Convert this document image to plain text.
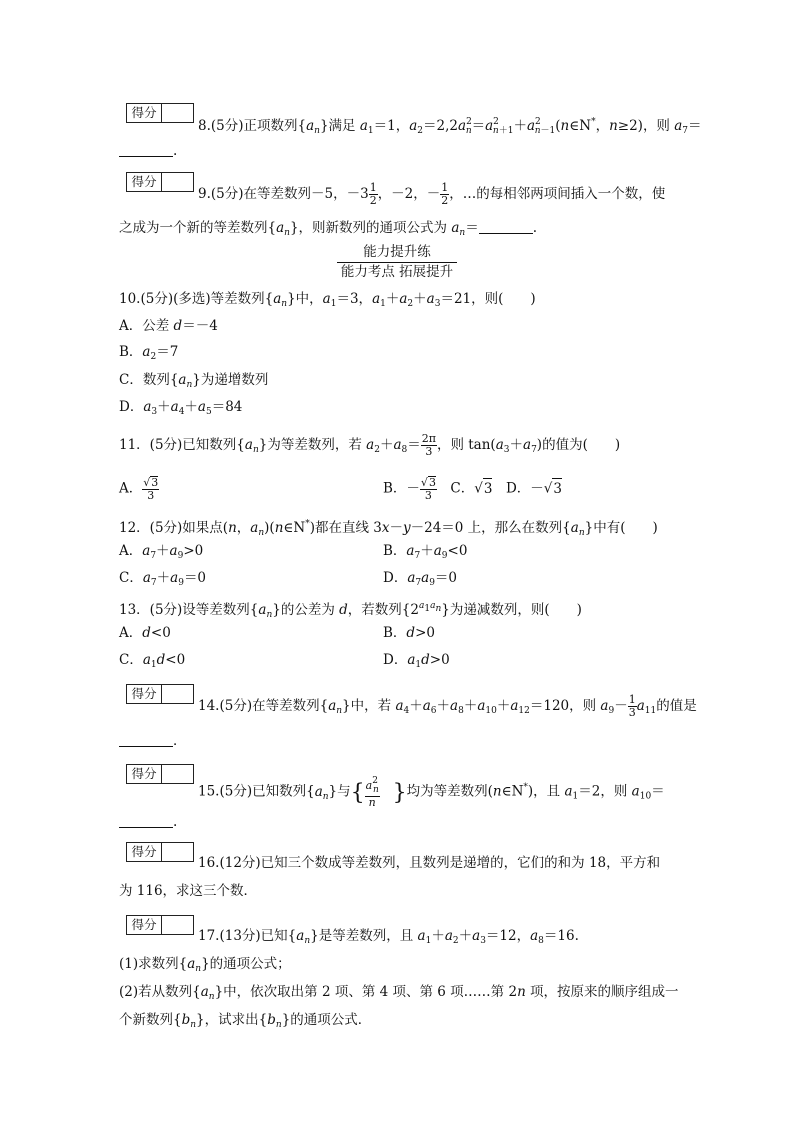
得分
8.(5分)正项数列$\{a_n\}$满足 $a_1=1$，$a_2=2,2a^2_n=a^2_{n+1}+a^2_{n-1}(n\in N^*$，n≥2)，则 $a_7=$
.
得分
9.(5分)在等差数列－5，$-3 \frac{1}{2}$ ，－2，－ $\frac{1}{2}$ ，…的每相邻两项间插入一个数，使
之成为一个新的等差数列$\{a_n\}$，则新数列的通项公式为 $a_n=$	.
能力提升练
能力考点 拓展提升
10.(5分)(多选)等差数列$\{a_n\}$中，$a_1=3$，$a_1+a_2+a_3=21$，则(　　)
A．公差 d＝－4
B．$a_2=7$
C．数列$\{a_n\}$为递增数列
D．$a_3+a_4+a_5=84$
11．(5分)已知数列$\{a_n\}$为等差数列，若 $a_2+a_8= \frac{2\pi}{3}$ ，则 $\tan(a_3+a_7)$的值为(　　)
A． $\frac{√3}{3}$	B．－ $\frac{√3}{3}$ 　C．√3　D．－√3
12．(5分)如果点(n，$a_n)(n\in N^*)$都在直线 3x－y－24＝0 上，那么在数列$\{a_n\}$中有(　　)
A．$a_7+a_9>0$	B．$a_7+a_9<0$
C．$a_7+a_9=0$	D．$a_7a_9=0$
13．(5分)设等差数列$\{a_n\}$的公差为 d，若数列$\{2^{a_1a_n}\}$为递减数列，则(　　)
A．d<0	B．d>0
C．$a_1d<0$	D．$a_1d>0$
得分
14.(5分)在等差数列$\{a_n\}$中，若 $a_4+a_6+a_8+a_{10}+a_{12}=120$，则 $a_9- \frac{1}{3} a_{11}$的值是
．
得分
15.(5分)已知数列$\{a_n\}$与{ $\frac{a^2_n}{n}$ }均为等差数列(n∈N*)，且 $a_1=2$，则 $a_{10}=$
.
得分
16.(12分)已知三个数成等差数列，且数列是递增的，它们的和为 18，平方和
为 116，求这三个数．
得分
17.(13分)已知$\{a_n\}$是等差数列，且 $a_1+a_2+a_3=12$，$a_8=16$.
(1)求数列$\{a_n\}$的通项公式；
(2)若从数列$\{a_n\}$中，依次取出第 2 项、第 4 项、第 6 项……第 2n 项，按原来的顺序组成一
个新数列$\{b_n\}$，试求出$\{b_n\}$的通项公式．
